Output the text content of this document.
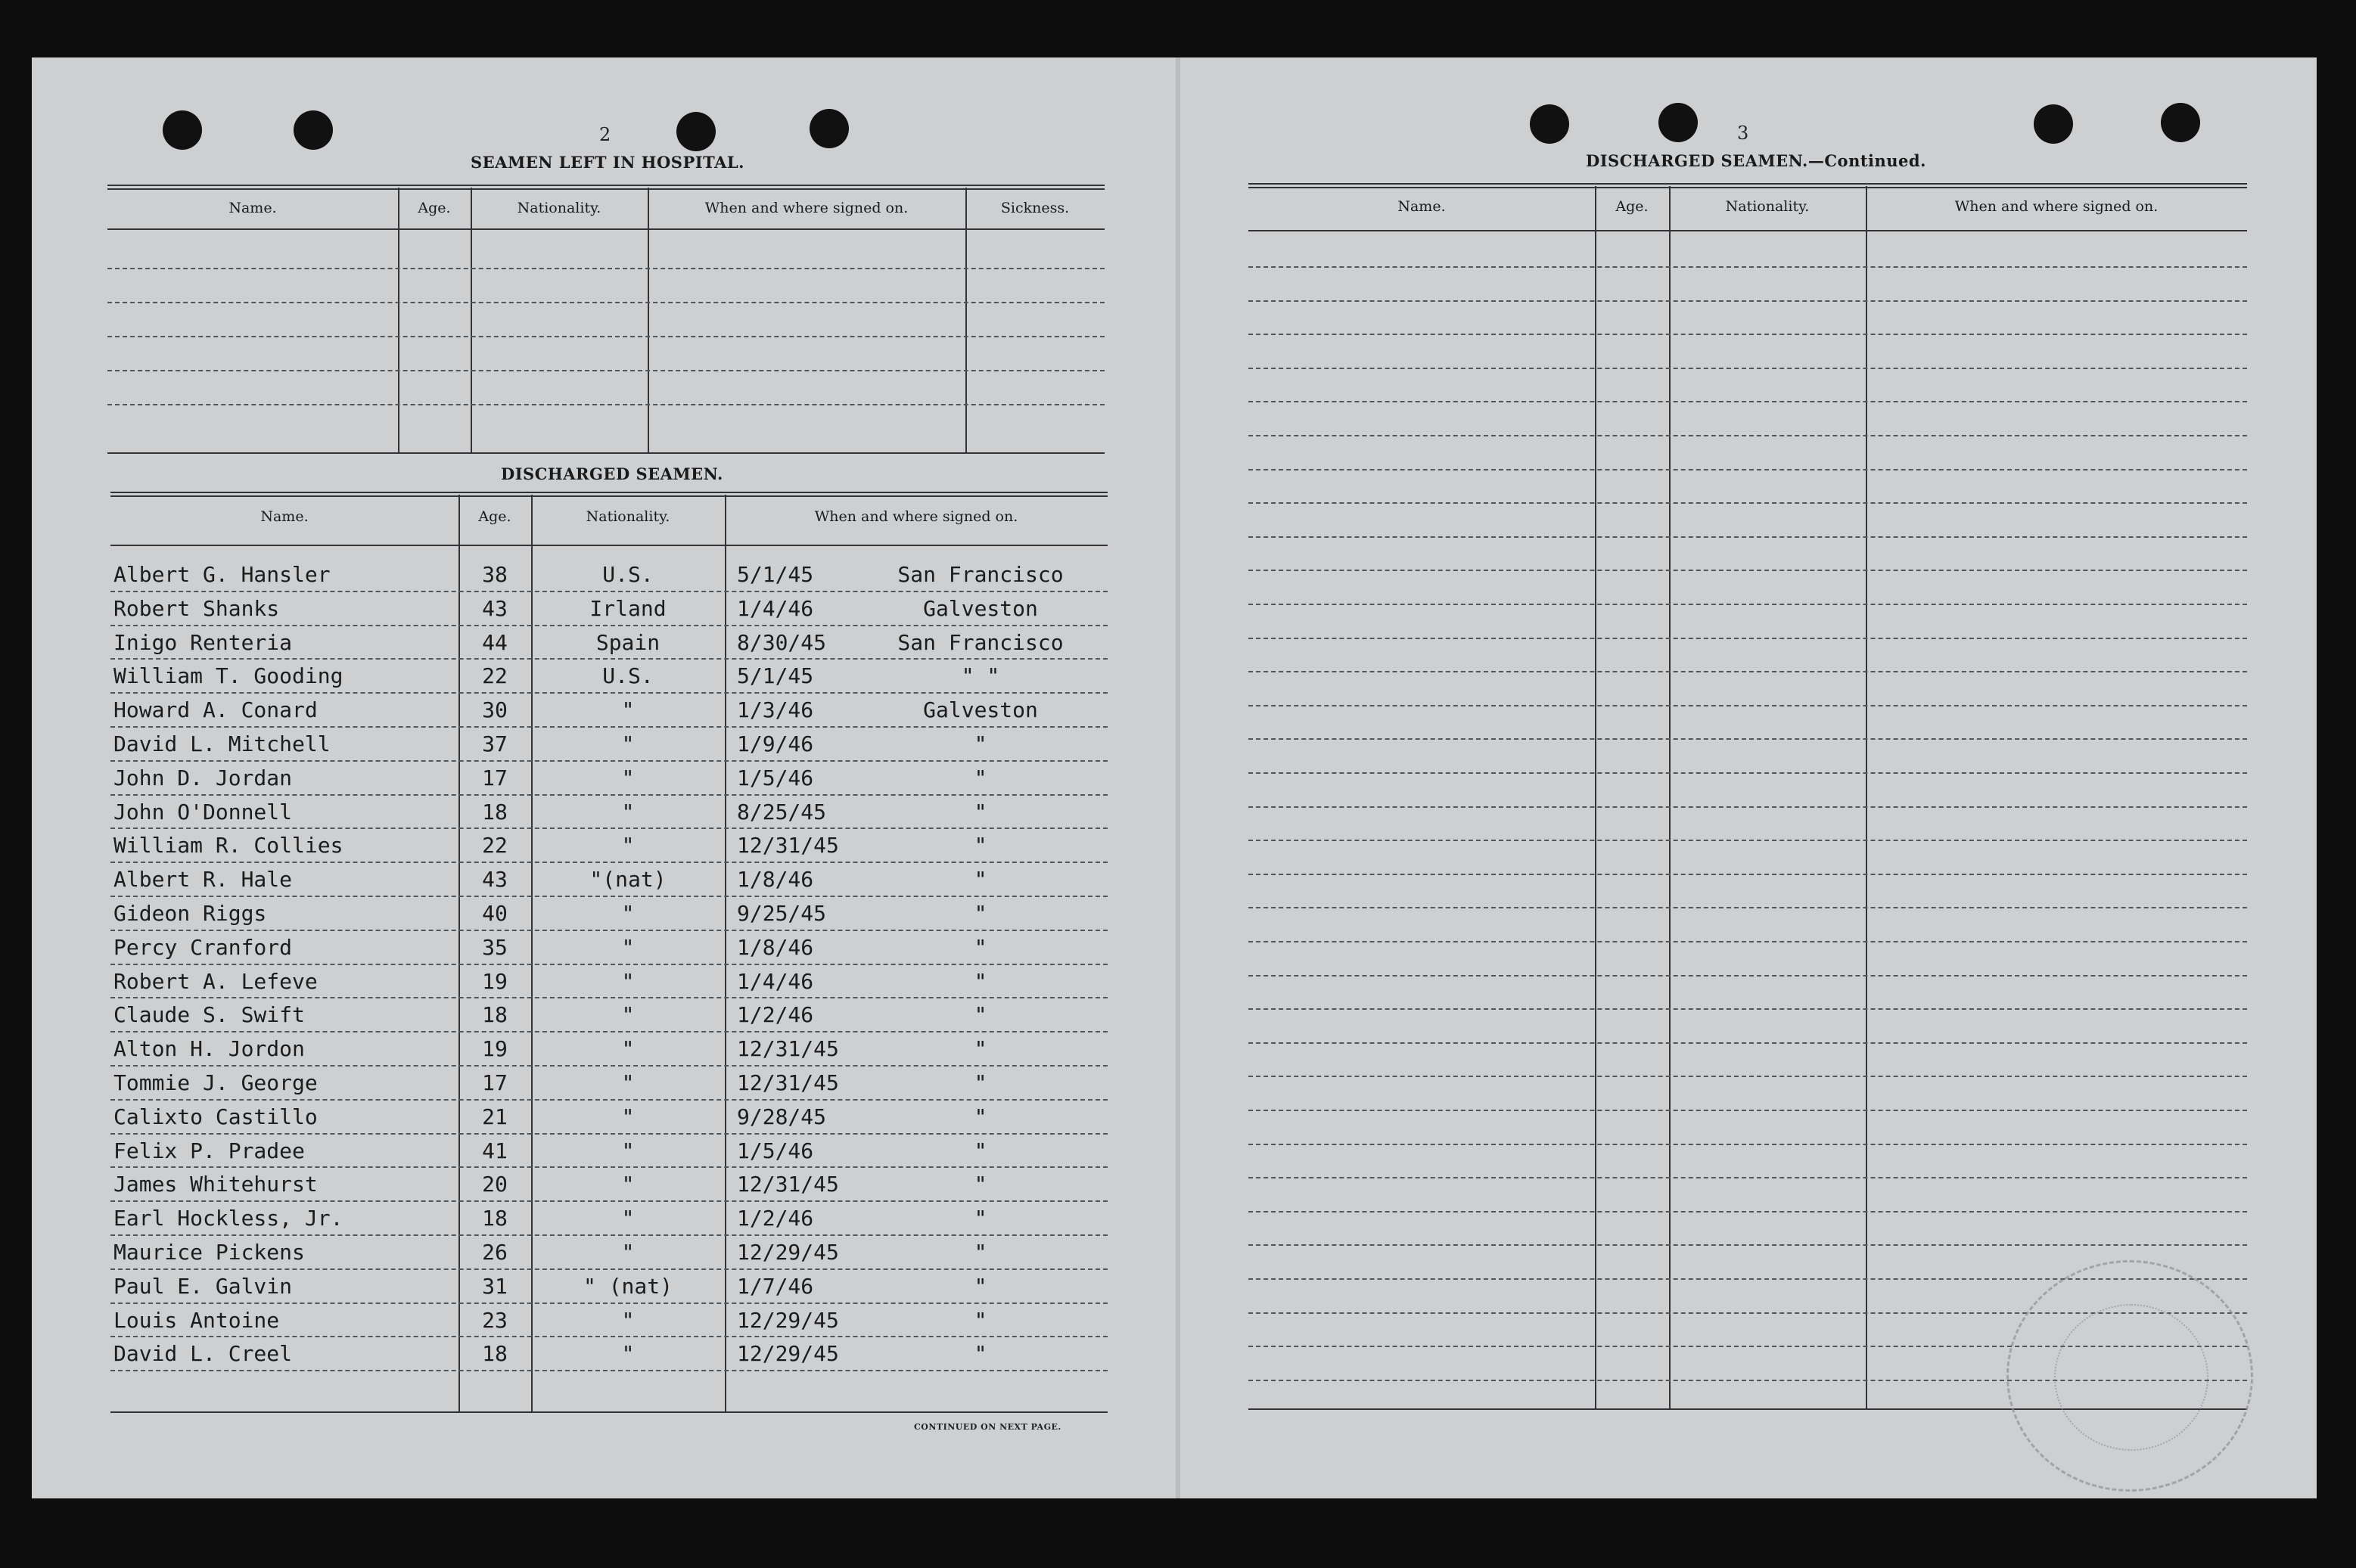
2
SEAMEN LEFT IN HOSPITAL.
Name.	Age.	Nationality.	When and where signed on.	Sickness.
DISCHARGED SEAMEN.
Name.	Age.	Nationality.	When and where signed on.
Albert G. Hansler	38	U.S.	5/1/45	San Francisco
Robert Shanks	43	Irland	1/4/46	Galveston
Inigo Renteria	44	Spain	8/30/45	San Francisco
William T. Gooding	22	U.S.	5/1/45	" "
Howard A. Conard	30	"	1/3/46	Galveston
David L. Mitchell	37	"	1/9/46	"
John D. Jordan	17	"	1/5/46	"
John O'Donnell	18	"	8/25/45	"
William R. Collies	22	"	12/31/45	"
Albert R. Hale	43	"(nat)	1/8/46	"
Gideon Riggs	40	"	9/25/45	"
Percy Cranford	35	"	1/8/46	"
Robert A. Lefeve	19	"	1/4/46	"
Claude S. Swift	18	"	1/2/46	"
Alton H. Jordon	19	"	12/31/45	"
Tommie J. George	17	"	12/31/45	"
Calixto Castillo	21	"	9/28/45	"
Felix P. Pradee	41	"	1/5/46	"
James Whitehurst	20	"	12/31/45	"
Earl Hockless, Jr.	18	"	1/2/46	"
Maurice Pickens	26	"	12/29/45	"
Paul E. Galvin	31	" (nat)	1/7/46	"
Louis Antoine	23	"	12/29/45	"
David L. Creel	18	"	12/29/45	"
CONTINUED ON NEXT PAGE.
3
DISCHARGED SEAMEN.—Continued.
Name.	Age.	Nationality.	When and where signed on.
